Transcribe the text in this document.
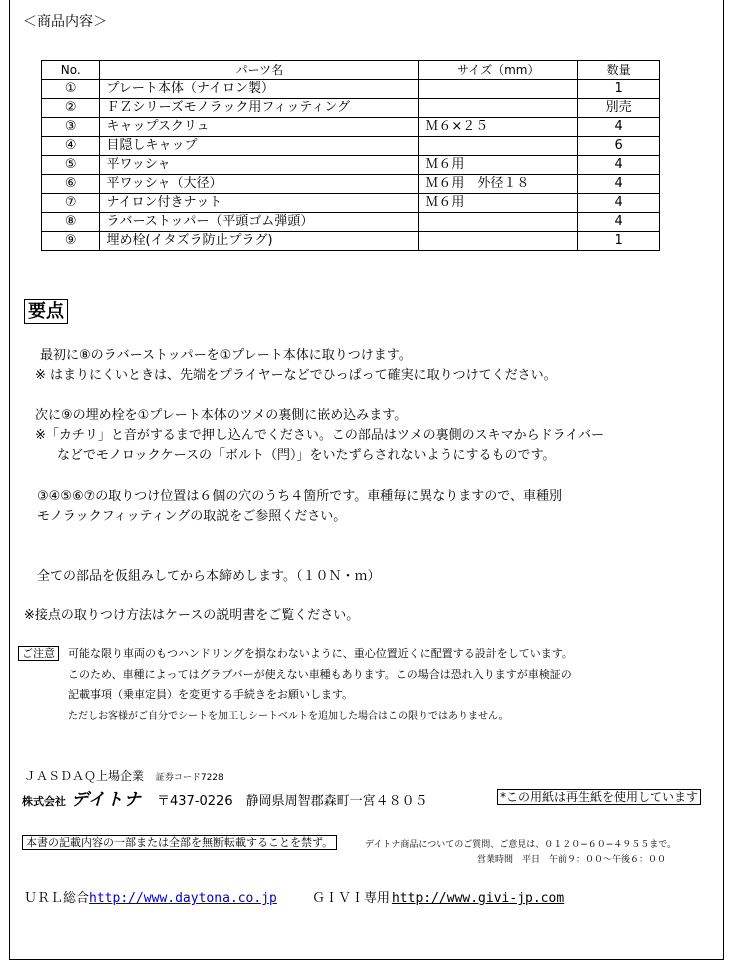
＜商品内容＞
No.	パーツ名	サイズ（mm）	数量
①	プレート本体（ナイロン製）		1
②	ＦＺシリーズモノラック用フィッティング		別売
③	キャップスクリュ	Ｍ６×２５	4
④	目隠しキャップ		6
⑤	平ワッシャ	Ｍ６用	4
⑥	平ワッシャ（大径）	Ｍ６用　外径１８	4
⑦	ナイロン付きナット	Ｍ６用	4
⑧	ラバーストッパー（平頭ゴム弾頭）		4
⑨	埋め栓(イタズラ防止プラグ)		1
要点
最初に⑧のラバーストッパーを①プレート本体に取りつけます。
※ はまりにくいときは、先端をプライヤーなどでひっぱって確実に取りつけてください。
次に⑨の埋め栓を①プレート本体のツメの裏側に嵌め込みます。
※「カチリ」と音がするまで押し込んでください。この部品はツメの裏側のスキマからドライバー
などでモノロックケースの「ボルト（閂）」をいたずらされないようにするものです。
③④⑤⑥⑦の取りつけ位置は６個の穴のうち４箇所です。車種毎に異なりますので、車種別
モノラックフィッティングの取説をご参照ください。
全ての部品を仮組みしてから本締めします。（１０Ｎ・ｍ）
※接点の取りつけ方法はケースの説明書をご覧ください。
ご注意	可能な限り車両のもつハンドリングを損なわないように、重心位置近くに配置する設計をしています。
このため、車種によってはグラブバーが使えない車種もあります。この場合は恐れ入りますが車検証の
記載事項（乗車定員）を変更する手続きをお願いします。
ただしお客様がご自分でシートを加工しシートベルトを追加した場合はこの限りではありません。
ＪＡＳＤＡＱ上場企業 証券コード7228
株式会社 デイトナ 〒437-0226　静岡県周智郡森町一宮４８０５	*この用紙は再生紙を使用しています
本書の記載内容の一部または全部を無断転載することを禁ず。	デイトナ商品についてのご質問、ご意見は、０１２０−６０−４９５５まで。
営業時間　平日　午前９：００〜午後６：００
ＵＲＬ総合http://www.daytona.co.jp	ＧＩＶＩ専用 http://www.givi-jp.com
